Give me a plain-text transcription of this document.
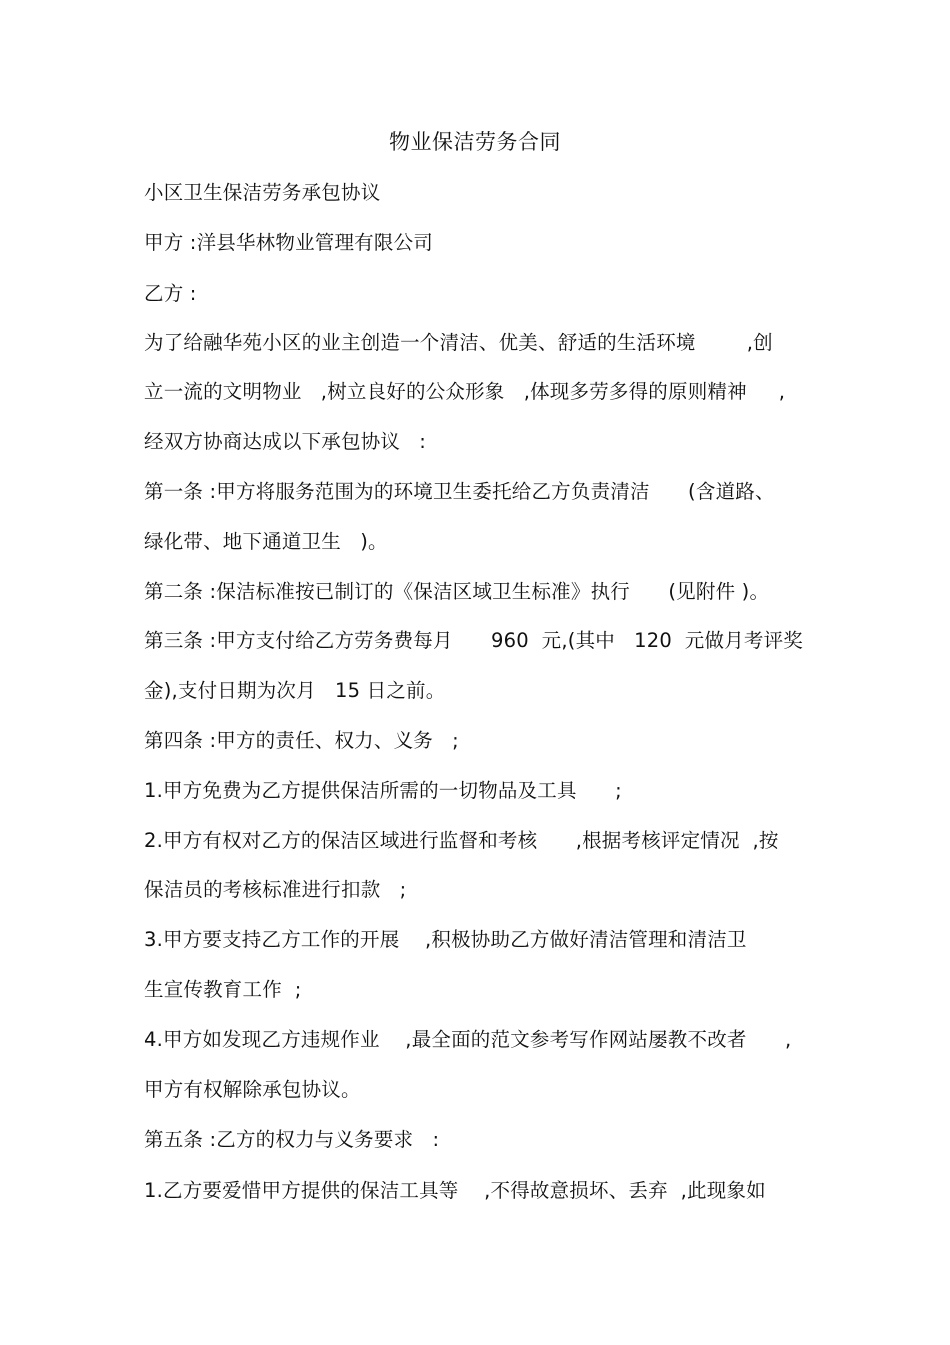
物业保洁劳务合同
小区卫生保洁劳务承包协议
甲方 :洋县华林物业管理有限公司
乙方 :
为了给融华苑小区的业主创造一个清洁、优美、舒适的生活环境        ,创
立一流的文明物业   ,树立良好的公众形象   ,体现多劳多得的原则精神     ,
经双方协商达成以下承包协议   :
第一条 :甲方将服务范围为的环境卫生委托给乙方负责清洁      (含道路、
绿化带、地下通道卫生   )。
第二条 :保洁标准按已制订的《保洁区域卫生标准》执行      (见附件 )。
第三条 :甲方支付给乙方劳务费每月      960  元,(其中   120  元做月考评奖
金),支付日期为次月   15 日之前。
第四条 :甲方的责任、权力、义务   ;
1.甲方免费为乙方提供保洁所需的一切物品及工具      ;
2.甲方有权对乙方的保洁区域进行监督和考核      ,根据考核评定情况  ,按
保洁员的考核标准进行扣款   ;
3.甲方要支持乙方工作的开展    ,积极协助乙方做好清洁管理和清洁卫
生宣传教育工作  ;
4.甲方如发现乙方违规作业    ,最全面的范文参考写作网站屡教不改者      ,
甲方有权解除承包协议。
第五条 :乙方的权力与义务要求   :
1.乙方要爱惜甲方提供的保洁工具等    ,不得故意损坏、丢弃  ,此现象如
